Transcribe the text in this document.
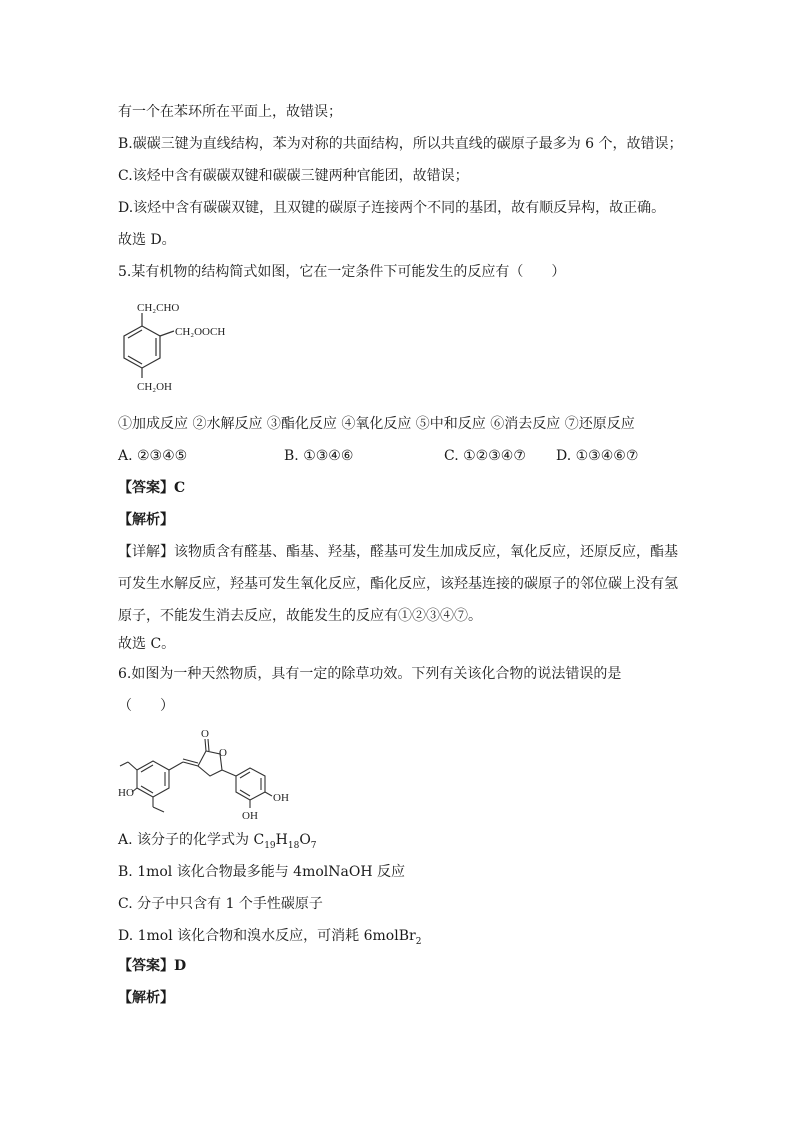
有一个在苯环所在平面上，故错误；
B.碳碳三键为直线结构，苯为对称的共面结构，所以共直线的碳原子最多为 6 个，故错误；
C.该烃中含有碳碳双键和碳碳三键两种官能团，故错误；
D.该烃中含有碳碳双键，且双键的碳原子连接两个不同的基团，故有顺反异构，故正确。
故选 D。
5.某有机物的结构简式如图，它在一定条件下可能发生的反应有（　　）
CH₂CHO
CH₂OOCH
CH₂OH
①加成反应 ②水解反应 ③酯化反应 ④氧化反应 ⑤中和反应 ⑥消去反应 ⑦还原反应
A. ②③④⑤	B. ①③④⑥	C. ①②③④⑦ D. ①③④⑥⑦
【答案】C
【解析】
【详解】该物质含有醛基、酯基、羟基，醛基可发生加成反应，氧化反应，还原反应，酯基
可发生水解反应，羟基可发生氧化反应，酯化反应，该羟基连接的碳原子的邻位碳上没有氢
原子，不能发生消去反应，故能发生的反应有①②③④⑦。
故选 C。
6.如图为一种天然物质，具有一定的除草功效。下列有关该化合物的说法错误的是
（　　）
O
O
HO	OH
OH
A. 该分子的化学式为 $C_{19}H_{18}O_7$
B. 1mol 该化合物最多能与 4molNaOH 反应
C. 分子中只含有 1 个手性碳原子
D. 1mol 该化合物和溴水反应，可消耗 6molBr$_2$
【答案】D
【解析】
